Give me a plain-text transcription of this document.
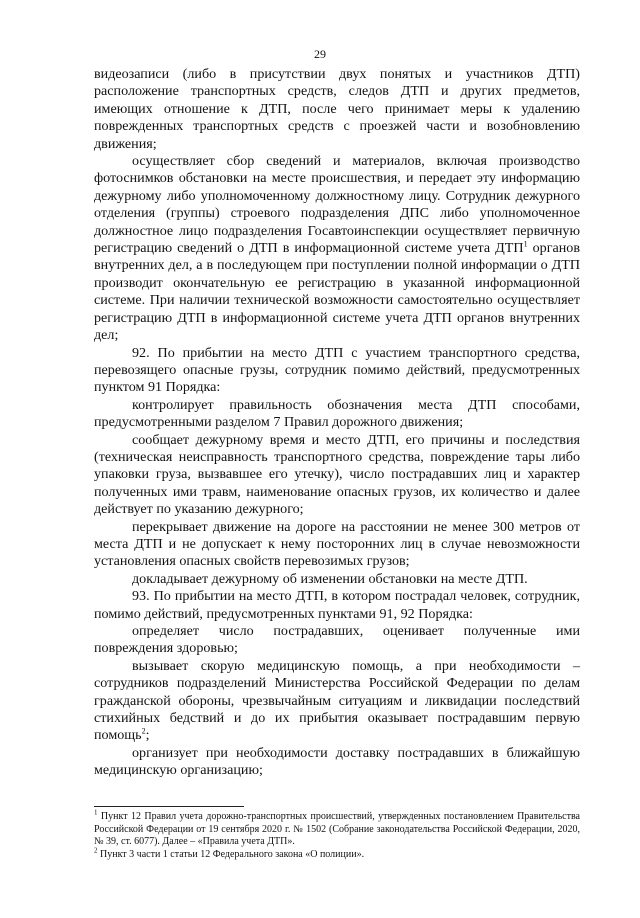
29

видеозаписи (либо в присутствии двух понятых и участников ДТП) расположение транспортных средств, следов ДТП и других предметов, имеющих отношение к ДТП, после чего принимает меры к удалению поврежденных транспортных средств с проезжей части и возобновлению движения;

осуществляет сбор сведений и материалов, включая производство фотоснимков обстановки на месте происшествия, и передает эту информацию дежурному либо уполномоченному должностному лицу. Сотрудник дежурного отделения (группы) строевого подразделения ДПС либо уполномоченное должностное лицо подразделения Госавтоинспекции осуществляет первичную регистрацию сведений о ДТП в информационной системе учета ДТП$^1$ органов внутренних дел, а в последующем при поступлении полной информации о ДТП производит окончательную ее регистрацию в указанной информационной системе. При наличии технической возможности самостоятельно осуществляет регистрацию ДТП в информационной системе учета ДТП органов внутренних дел;

92. По прибытии на место ДТП с участием транспортного средства, перевозящего опасные грузы, сотрудник помимо действий, предусмотренных пунктом 91 Порядка:

контролирует правильность обозначения места ДТП способами, предусмотренными разделом 7 Правил дорожного движения;

сообщает дежурному время и место ДТП, его причины и последствия (техническая неисправность транспортного средства, повреждение тары либо упаковки груза, вызвавшее его утечку), число пострадавших лиц и характер полученных ими травм, наименование опасных грузов, их количество и далее действует по указанию дежурного;

перекрывает движение на дороге на расстоянии не менее 300 метров от места ДТП и не допускает к нему посторонних лиц в случае невозможности установления опасных свойств перевозимых грузов;

докладывает дежурному об изменении обстановки на месте ДТП.

93. По прибытии на место ДТП, в котором пострадал человек, сотрудник, помимо действий, предусмотренных пунктами 91, 92 Порядка:

определяет число пострадавших, оценивает полученные ими повреждения здоровью;

вызывает скорую медицинскую помощь, а при необходимости – сотрудников подразделений Министерства Российской Федерации по делам гражданской обороны, чрезвычайным ситуациям и ликвидации последствий стихийных бедствий и до их прибытия оказывает пострадавшим первую помощь$^2$;

организует при необходимости доставку пострадавших в ближайшую медицинскую организацию;

$^1$ Пункт 12 Правил учета дорожно-транспортных происшествий, утвержденных постановлением Правительства Российской Федерации от 19 сентября 2020 г. № 1502 (Собрание законодательства Российской Федерации, 2020, № 39, ст. 6077). Далее – «Правила учета ДТП».

$^2$ Пункт 3 части 1 статьи 12 Федерального закона «О полиции».
